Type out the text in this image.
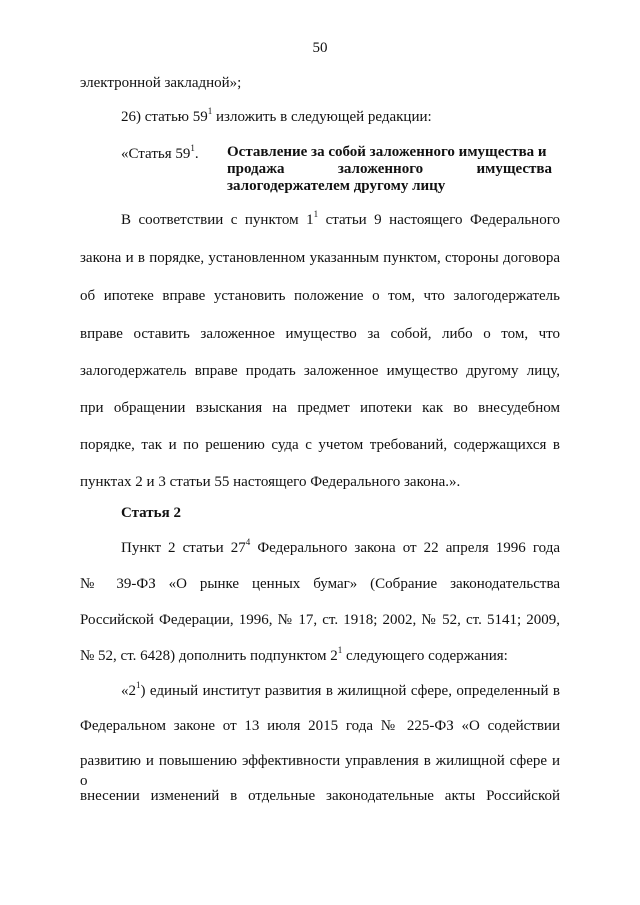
50
электронной закладной»;
26) статью $59^1$ изложить в следующей редакции:
«Статья $59^1$. Оставление за собой заложенного имущества и
продажа заложенного имущества
залогодержателем другому лицу
В соответствии с пунктом $1^1$ статьи 9 настоящего Федерального
закона и в порядке, установленном указанным пунктом, стороны договора
об ипотеке вправе установить положение о том, что залогодержатель
вправе оставить заложенное имущество за собой, либо о том, что
залогодержатель вправе продать заложенное имущество другому лицу,
при обращении взыскания на предмет ипотеки как во внесудебном
порядке, так и по решению суда с учетом требований, содержащихся в
пунктах 2 и 3 статьи 55 настоящего Федерального закона.».
Статья 2
Пункт 2 статьи $27^4$ Федерального закона от 22 апреля 1996 года
№ 39-ФЗ «О рынке ценных бумаг» (Собрание законодательства
Российской Федерации, 1996, № 17, ст. 1918; 2002, № 52, ст. 5141; 2009,
№ 52, ст. 6428) дополнить подпунктом $2^1$ следующего содержания:
«$2^1$) единый институт развития в жилищной сфере, определенный в
Федеральном законе от 13 июля 2015 года № 225-ФЗ «О содействии
развитию и повышению эффективности управления в жилищной сфере и о
внесении изменений в отдельные законодательные акты Российской
